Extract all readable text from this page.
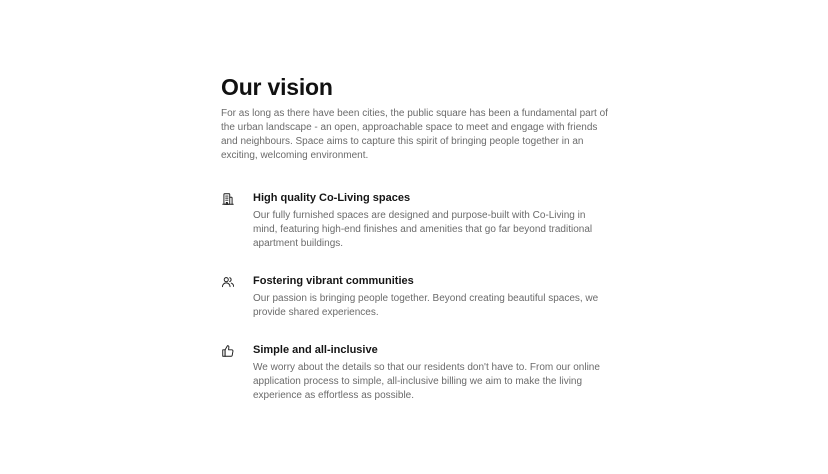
Our vision

For as long as there have been cities, the public square has been a fundamental part of the urban landscape - an open, approachable space to meet and engage with friends and neighbours. Space aims to capture this spirit of bringing people together in an exciting, welcoming environment.

High quality Co-Living spaces

Our fully furnished spaces are designed and purpose-built with Co-Living in mind, featuring high-end finishes and amenities that go far beyond traditional apartment buildings.

Fostering vibrant communities

Our passion is bringing people together. Beyond creating beautiful spaces, we provide shared experiences.

Simple and all-inclusive

We worry about the details so that our residents don't have to. From our online application process to simple, all-inclusive billing we aim to make the living experience as effortless as possible.
